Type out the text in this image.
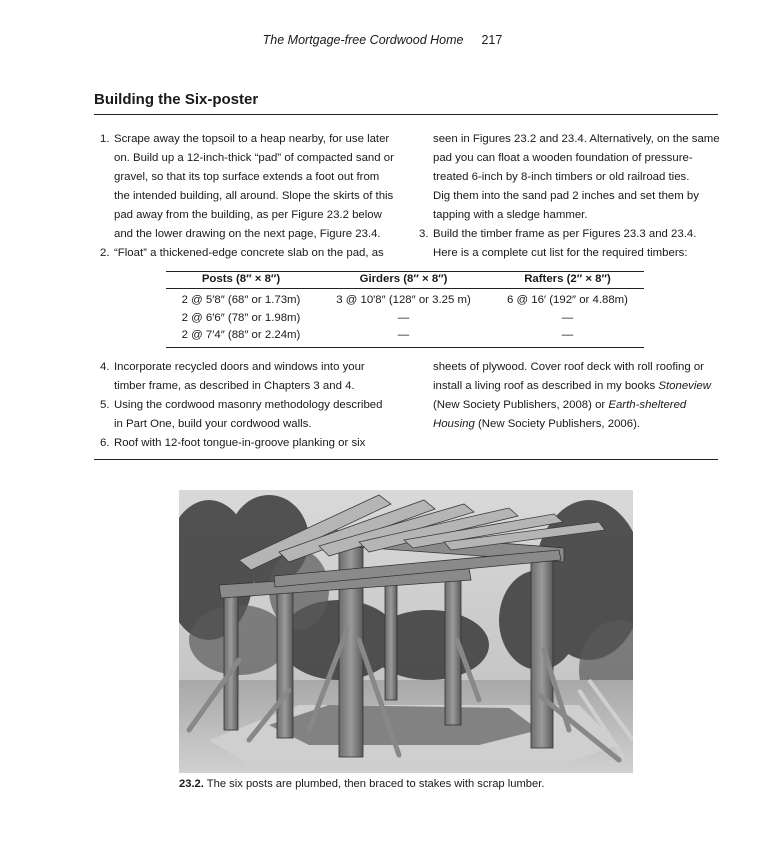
The Mortgage-free Cordwood Home 217
Building the Six-poster
1. Scrape away the topsoil to a heap nearby, for use later
on. Build up a 12-inch-thick “pad” of compacted sand or
gravel, so that its top surface extends a foot out from
the intended building, all around. Slope the skirts of this
pad away from the building, as per Figure 23.2 below
and the lower drawing on the next page, Figure 23.4.
2. “Float” a thickened-edge concrete slab on the pad, as
seen in Figures 23.2 and 23.4. Alternatively, on the same
pad you can float a wooden foundation of pressure-
treated 6-inch by 8-inch timbers or old railroad ties.
Dig them into the sand pad 2 inches and set them by
tapping with a sledge hammer.
3. Build the timber frame as per Figures 23.3 and 23.4.
Here is a complete cut list for the required timbers:
Posts (8″ × 8″)	Girders (8″ × 8″)	Rafters (2″ × 8″)
2 @ 5′8″ (68″ or 1.73m)	3 @ 10′8″ (128″ or 3.25 m)	6 @ 16′ (192″ or 4.88m)
2 @ 6′6″ (78″ or 1.98m)	—	—
2 @ 7′4″ (88″ or 2.24m)	—	—
4. Incorporate recycled doors and windows into your
timber frame, as described in Chapters 3 and 4.
5. Using the cordwood masonry methodology described
in Part One, build your cordwood walls.
6. Roof with 12-foot tongue-in-groove planking or six
sheets of plywood. Cover roof deck with roll roofing or
install a living roof as described in my books Stoneview
(New Society Publishers, 2008) or Earth-sheltered
Housing (New Society Publishers, 2006).
23.2. The six posts are plumbed, then braced to stakes with scrap lumber.
